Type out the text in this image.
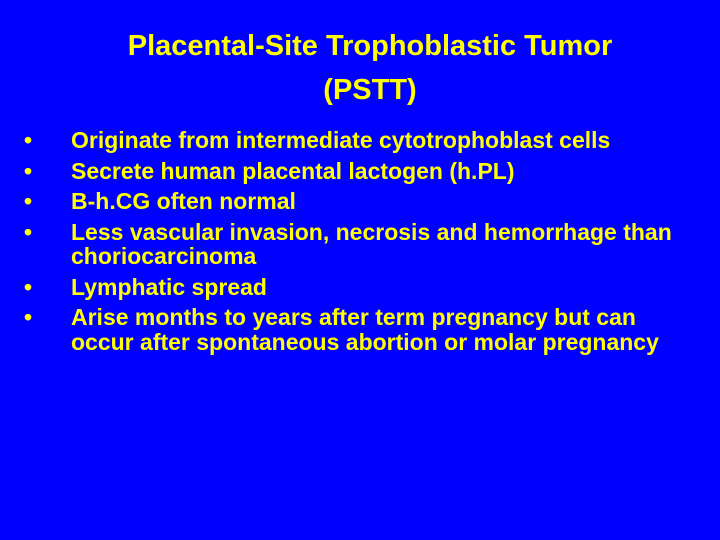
Placental-Site Trophoblastic Tumor
(PSTT)
• Originate from intermediate cytotrophoblast cells
• Secrete human placental lactogen (h.PL)
• B-h.CG often normal
• Less vascular invasion, necrosis and hemorrhage than choriocarcinoma
• Lymphatic spread
• Arise months to years after term pregnancy but can occur after spontaneous abortion or molar pregnancy
